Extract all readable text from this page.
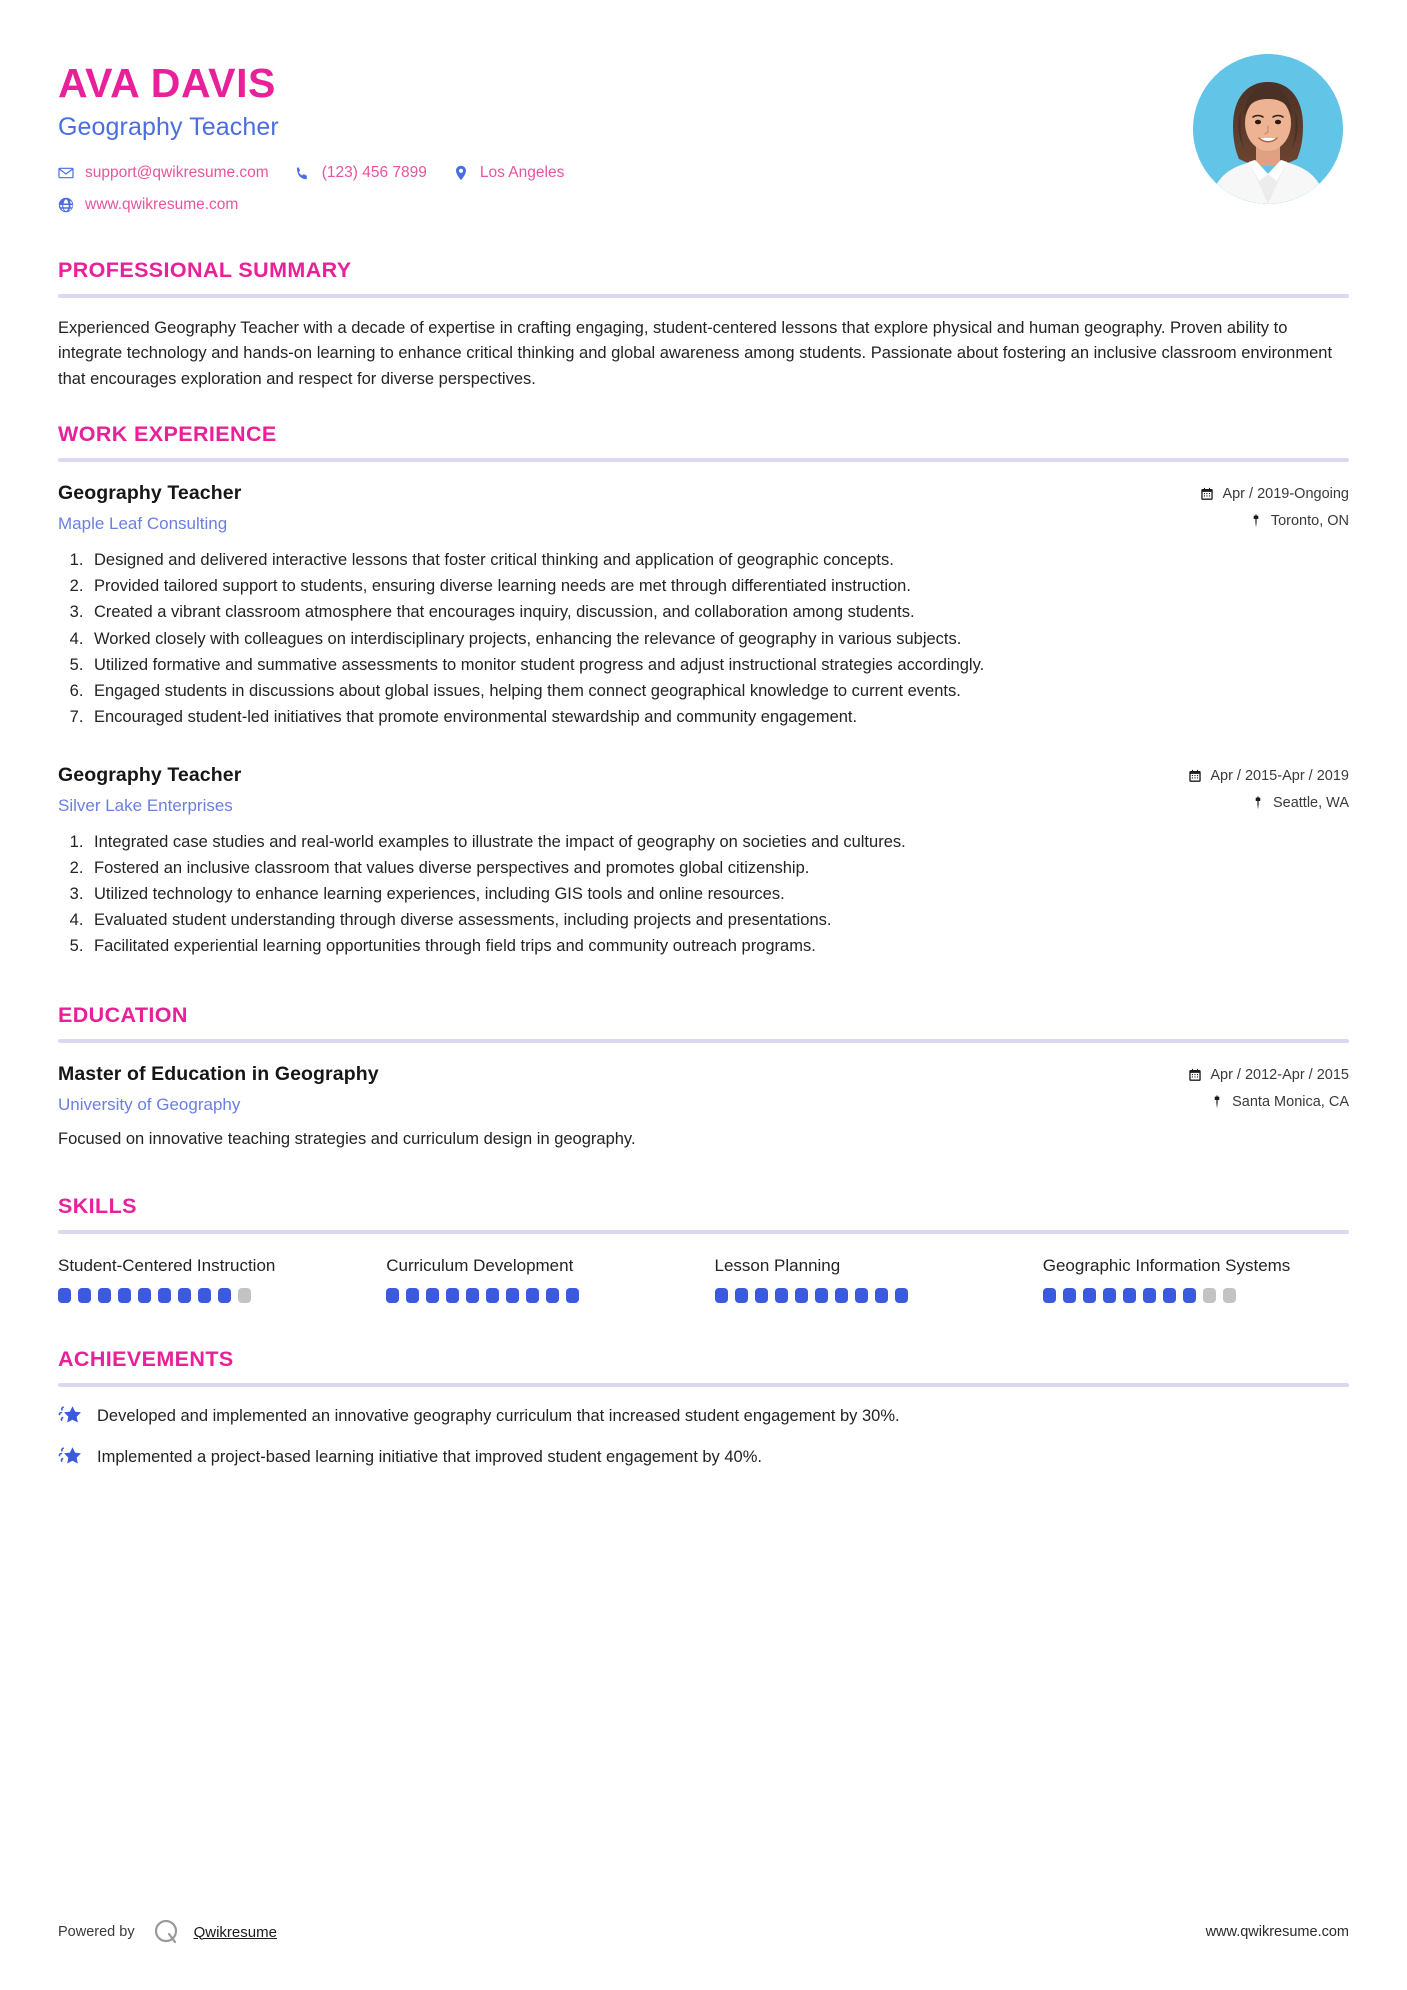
AVA DAVIS
Geography Teacher
support@qwikresume.com	(123) 456 7899	Los Angeles
www.qwikresume.com
PROFESSIONAL SUMMARY

Experienced Geography Teacher with a decade of expertise in crafting engaging, student-centered lessons that explore physical and human geography. Proven ability to integrate technology and hands-on learning to enhance critical thinking and global awareness among students. Passionate about fostering an inclusive classroom environment that encourages exploration and respect for diverse perspectives.

WORK EXPERIENCE
Geography Teacher
Maple Leaf Consulting
Apr / 2019-Ongoing
Toronto, ON
1. Designed and delivered interactive lessons that foster critical thinking and application of geographic concepts.
2. Provided tailored support to students, ensuring diverse learning needs are met through differentiated instruction.
3. Created a vibrant classroom atmosphere that encourages inquiry, discussion, and collaboration among students.
4. Worked closely with colleagues on interdisciplinary projects, enhancing the relevance of geography in various subjects.
5. Utilized formative and summative assessments to monitor student progress and adjust instructional strategies accordingly.
6. Engaged students in discussions about global issues, helping them connect geographical knowledge to current events.
7. Encouraged student-led initiatives that promote environmental stewardship and community engagement.
Geography Teacher
Silver Lake Enterprises
Apr / 2015-Apr / 2019
Seattle, WA
1. Integrated case studies and real-world examples to illustrate the impact of geography on societies and cultures.
2. Fostered an inclusive classroom that values diverse perspectives and promotes global citizenship.
3. Utilized technology to enhance learning experiences, including GIS tools and online resources.
4. Evaluated student understanding through diverse assessments, including projects and presentations.
5. Facilitated experiential learning opportunities through field trips and community outreach programs.
EDUCATION
Master of Education in Geography
University of Geography
Apr / 2012-Apr / 2015
Santa Monica, CA

Focused on innovative teaching strategies and curriculum design in geography.

SKILLS
Student-Centered Instruction	Curriculum Development	Lesson Planning	Geographic Information Systems
ACHIEVEMENTS
Developed and implemented an innovative geography curriculum that increased student engagement by 30%.
Implemented a project-based learning initiative that improved student engagement by 40%.
Powered by	Qwikresume	www.qwikresume.com
